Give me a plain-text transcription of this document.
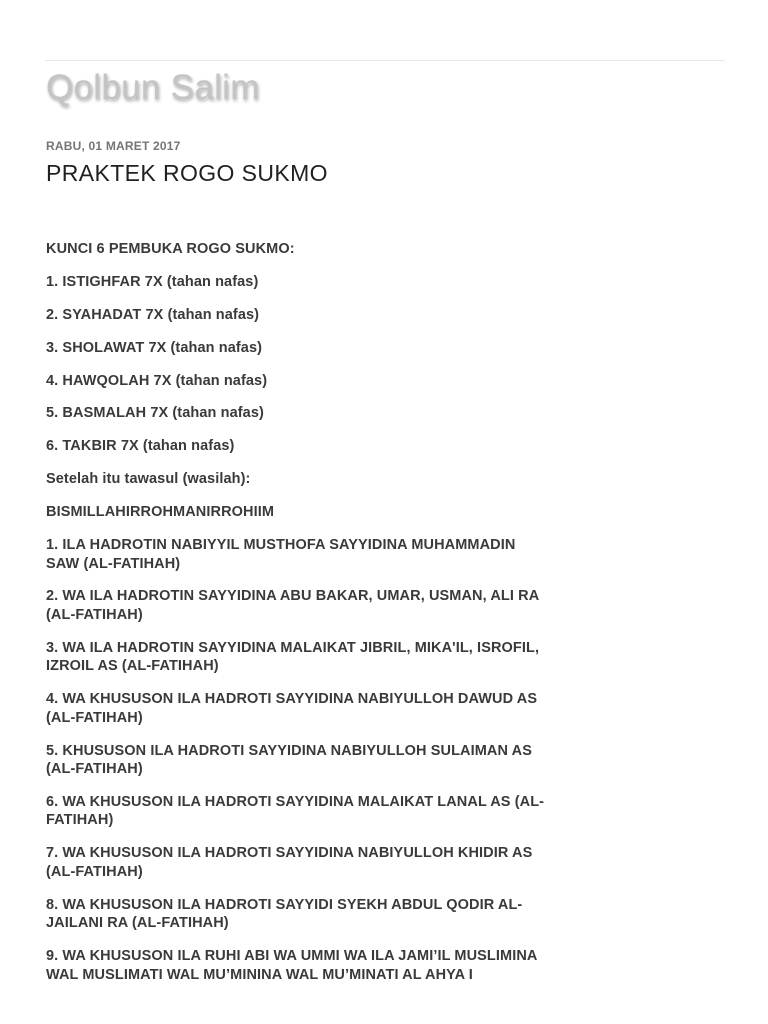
Qolbun Salim
RABU, 01 MARET 2017
PRAKTEK ROGO SUKMO

KUNCI 6 PEMBUKA ROGO SUKMO:

1. ISTIGHFAR 7X (tahan nafas)

2. SYAHADAT 7X (tahan nafas)

3. SHOLAWAT 7X (tahan nafas)

4. HAWQOLAH 7X (tahan nafas)

5. BASMALAH 7X (tahan nafas)

6. TAKBIR 7X (tahan nafas)

Setelah itu tawasul (wasilah):

BISMILLAHIRROHMANIRROHIIM

1. ILA HADROTIN NABIYYIL MUSTHOFA SAYYIDINA MUHAMMADIN SAW (AL-FATIHAH)

2. WA ILA HADROTIN SAYYIDINA ABU BAKAR, UMAR, USMAN, ALI RA (AL-FATIHAH)

3. WA ILA HADROTIN SAYYIDINA MALAIKAT JIBRIL, MIKA'IL, ISROFIL, IZROIL AS (AL-FATIHAH)

4. WA KHUSUSON ILA HADROTI SAYYIDINA NABIYULLOH DAWUD AS (AL-FATIHAH)

5. KHUSUSON ILA HADROTI SAYYIDINA NABIYULLOH SULAIMAN AS (AL-FATIHAH)

6. WA KHUSUSON ILA HADROTI SAYYIDINA MALAIKAT LANAL AS (AL-FATIHAH)

7. WA KHUSUSON ILA HADROTI SAYYIDINA NABIYULLOH KHIDIR AS (AL-FATIHAH)

8. WA KHUSUSON ILA HADROTI SAYYIDI SYEKH ABDUL QODIR AL-JAILANI RA (AL-FATIHAH)

9. WA KHUSUSON ILA RUHI ABI WA UMMI WA ILA JAMI’IL MUSLIMINA WAL MUSLIMATI WAL MU’MININA WAL MU’MINATI AL AHYA I
